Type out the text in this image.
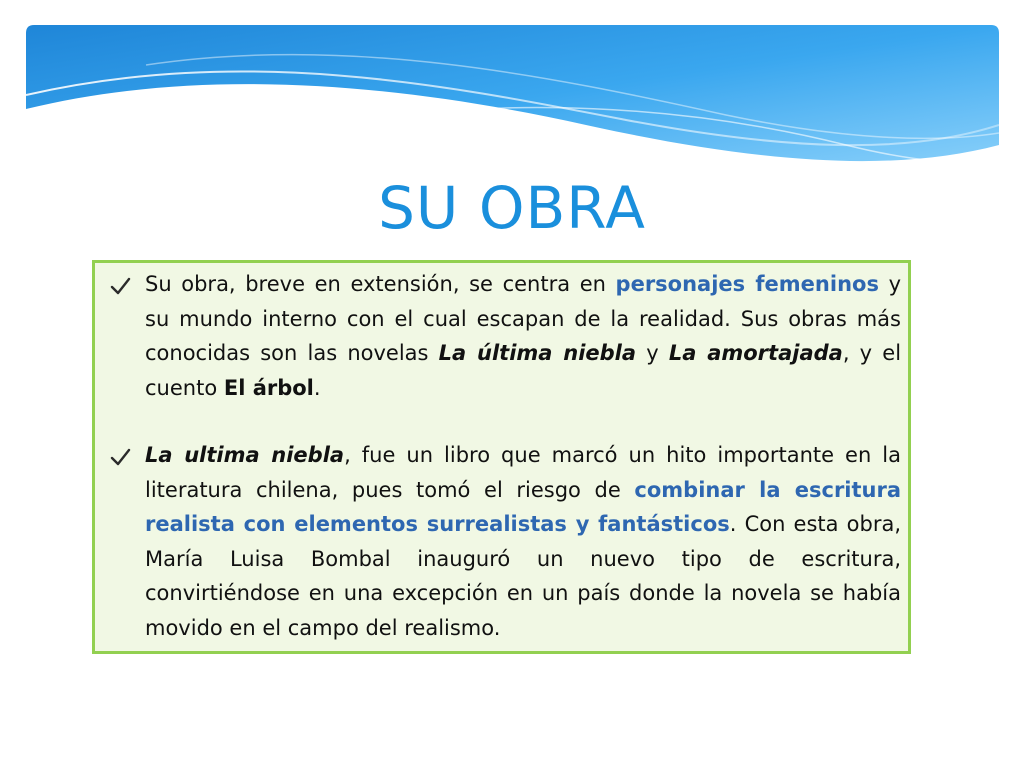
SU OBRA
Su obra, breve en extensión, se centra en personajes femeninos y su mundo interno con el cual escapan de la realidad. Sus obras más conocidas son las novelas La última niebla y La amortajada, y el cuento El árbol.
La ultima niebla, fue un libro que marcó un hito importante en la literatura chilena, pues tomó el riesgo de combinar la escritura realista con elementos surrealistas y fantásticos. Con esta obra, María Luisa Bombal inauguró un nuevo tipo de escritura, convirtiéndose en una excepción en un país donde la novela se había movido en el campo del realismo.
